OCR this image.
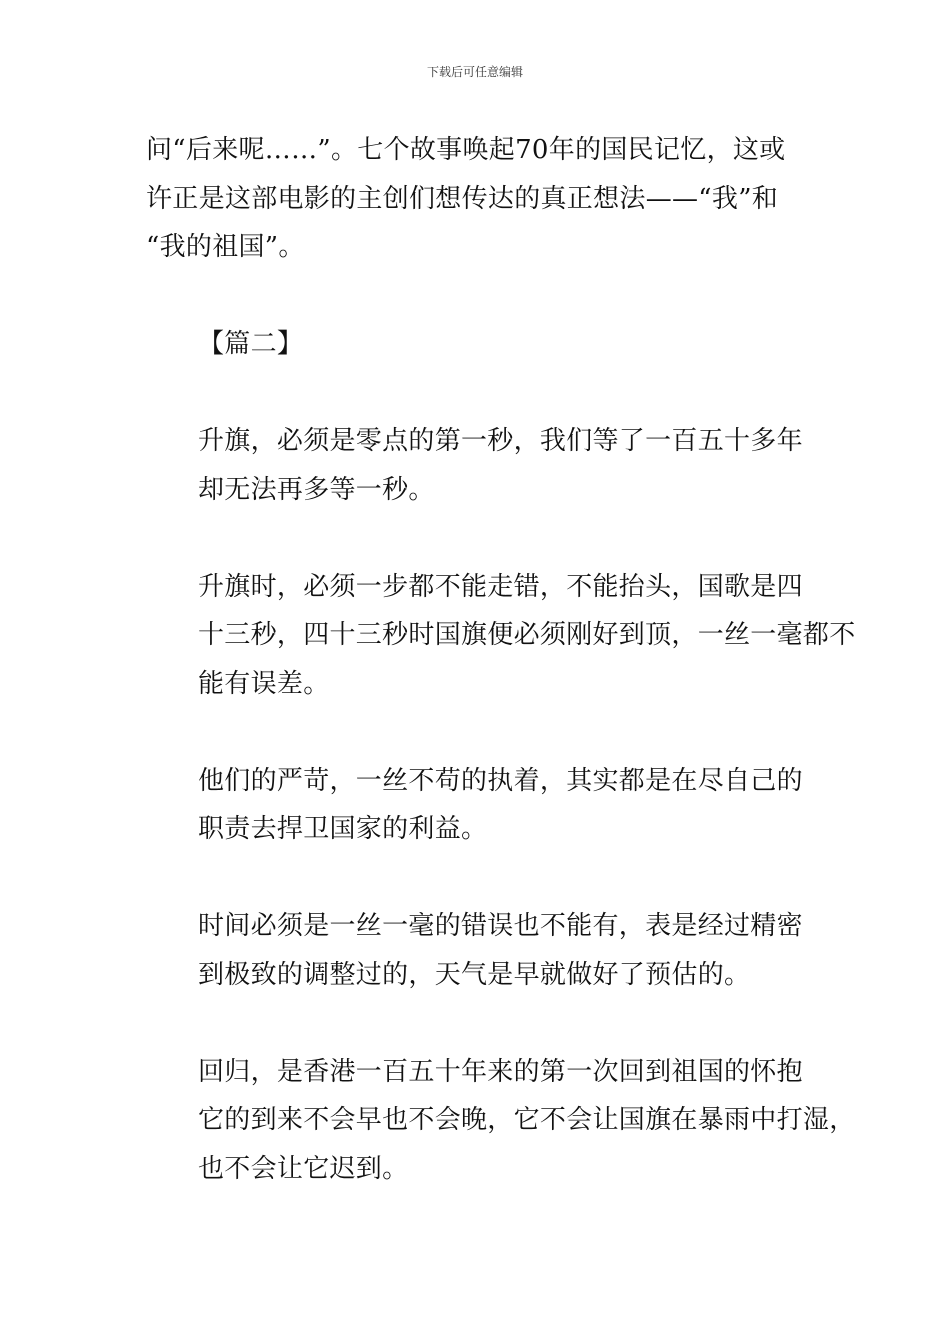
下载后可任意编辑

问“后来呢……”。七个故事唤起70年的国民记忆，这或
许正是这部电影的主创们想传达的真正想法——“我”和
“我的祖国”。

【篇二】

升旗，必须是零点的第一秒，我们等了一百五十多年
却无法再多等一秒。

升旗时，必须一步都不能走错，不能抬头，国歌是四
十三秒，四十三秒时国旗便必须刚好到顶，一丝一毫都不
能有误差。

他们的严苛，一丝不苟的执着，其实都是在尽自己的
职责去捍卫国家的利益。

时间必须是一丝一毫的错误也不能有，表是经过精密
到极致的调整过的，天气是早就做好了预估的。

回归，是香港一百五十年来的第一次回到祖国的怀抱
它的到来不会早也不会晚，它不会让国旗在暴雨中打湿，
也不会让它迟到。
